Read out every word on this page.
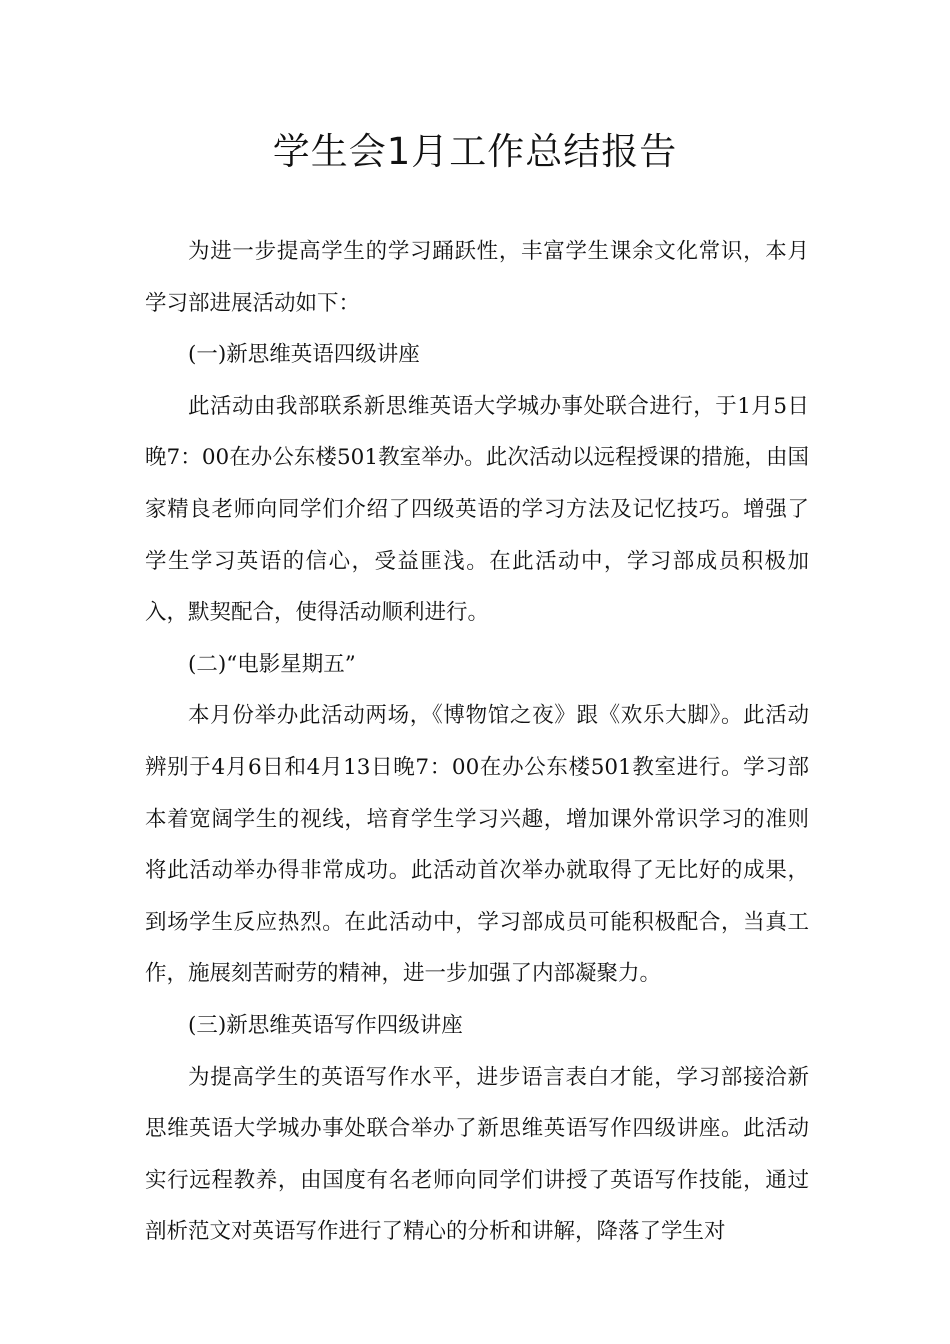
学生会1月工作总结报告

为进一步提高学生的学习踊跃性，丰富学生课余文化常识，本月学习部进展活动如下：

(一)新思维英语四级讲座

此活动由我部联系新思维英语大学城办事处联合进行，于1月5日晚7：00在办公东楼501教室举办。此次活动以远程授课的措施，由国家精良老师向同学们介绍了四级英语的学习方法及记忆技巧。增强了学生学习英语的信心，受益匪浅。在此活动中，学习部成员积极加入，默契配合，使得活动顺利进行。

(二)“电影星期五”

本月份举办此活动两场，《博物馆之夜》跟《欢乐大脚》。此活动辨别于4月6日和4月13日晚7：00在办公东楼501教室进行。学习部本着宽阔学生的视线，培育学生学习兴趣，增加课外常识学习的准则将此活动举办得非常成功。此活动首次举办就取得了无比好的成果，到场学生反应热烈。在此活动中，学习部成员可能积极配合，当真工作，施展刻苦耐劳的精神，进一步加强了内部凝聚力。

(三)新思维英语写作四级讲座

为提高学生的英语写作水平，进步语言表白才能，学习部接洽新思维英语大学城办事处联合举办了新思维英语写作四级讲座。此活动实行远程教养，由国度有名老师向同学们讲授了英语写作技能，通过剖析范文对英语写作进行了精心的分析和讲解，降落了学生对
